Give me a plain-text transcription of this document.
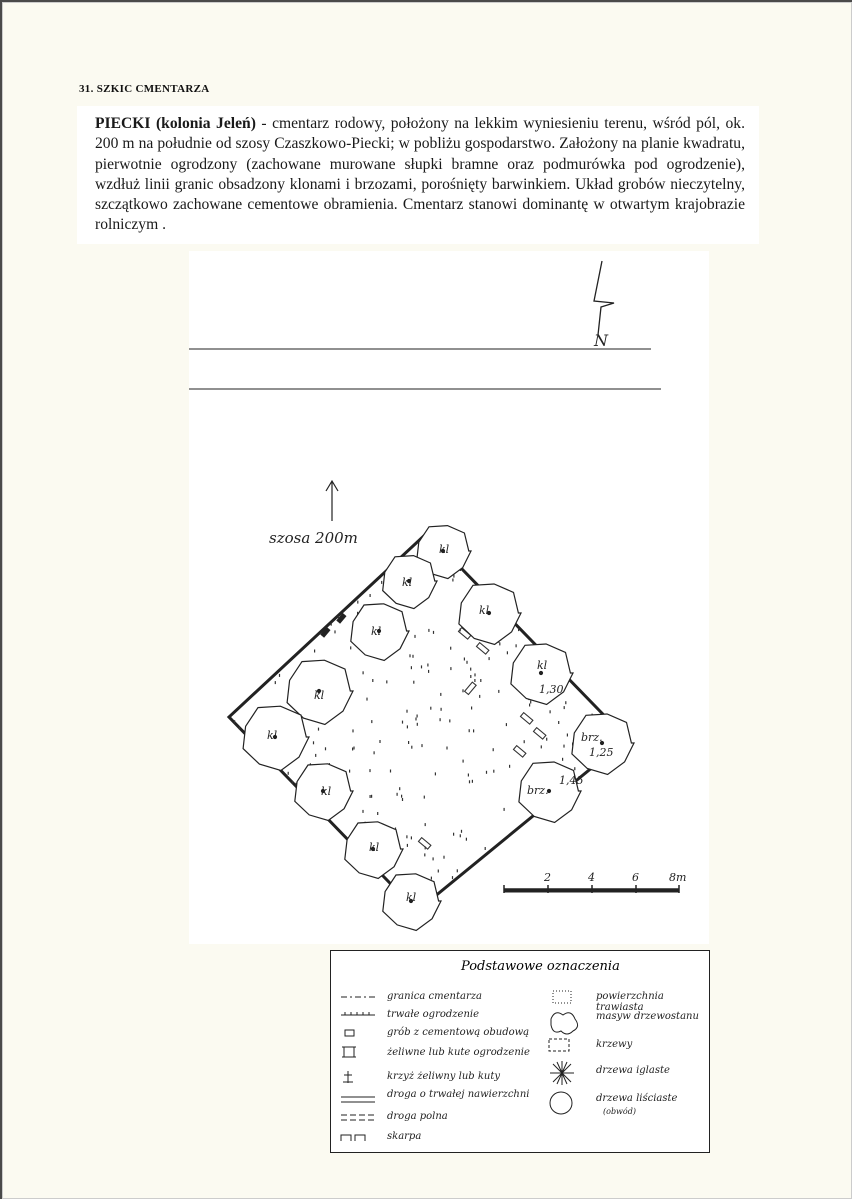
31. SZKIC CMENTARZA
PIECKI (kolonia Jeleń) - cmentarz rodowy, położony na lekkim wyniesieniu terenu, wśród pól, ok. 200 m na południe od szosy Czaszkowo-Piecki; w pobliżu gospodarstwo. Założony na planie kwadratu, pierwotnie ogrodzony (zachowane murowane słupki bramne oraz podmurówka pod ogrodzenie), wzdłuż linii granic obsadzony klonami i brzozami, porośnięty barwinkiem. Układ grobów nieczytelny, szczątkowo zachowane cementowe obramienia. Cmentarz stanowi dominantę w otwartym krajobrazie rolniczym .
N
szosa 200m
2	4	6	8m
kl
kl
kl
kl
kl
kl
kl
kl
kl
kl
brz.
brz.
1,30
1,25
1,45
Podstawowe oznaczenia
granica cmentarza
trwałe ogrodzenie
grób z cementową obudową
żeliwne lub kute ogrodzenie
krzyż żeliwny lub kuty
droga o trwałej nawierzchni
droga polna
skarpa
powierzchnia trawiasta
masyw drzewostanu
krzewy
drzewa iglaste
drzewa liściaste
(obwód)
